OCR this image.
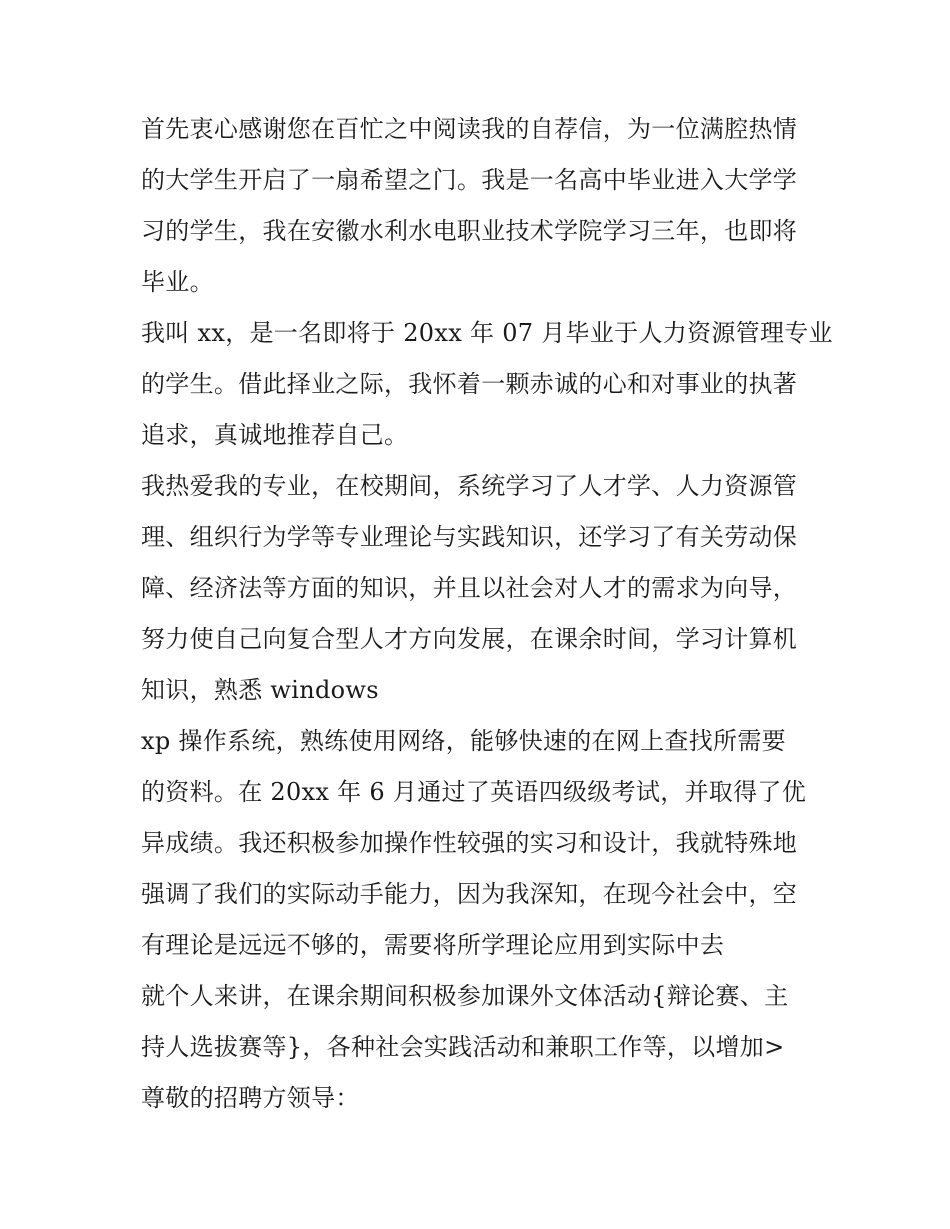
首先衷心感谢您在百忙之中阅读我的自荐信，为一位满腔热情
的大学生开启了一扇希望之门。我是一名高中毕业进入大学学
习的学生，我在安徽水利水电职业技术学院学习三年，也即将
毕业。
我叫 xx，是一名即将于 20xx 年 07 月毕业于人力资源管理专业
的学生。借此择业之际，我怀着一颗赤诚的心和对事业的执著
追求，真诚地推荐自己。
我热爱我的专业，在校期间，系统学习了人才学、人力资源管
理、组织行为学等专业理论与实践知识，还学习了有关劳动保
障、经济法等方面的知识，并且以社会对人才的需求为向导，
努力使自己向复合型人才方向发展，在课余时间，学习计算机
知识，熟悉 windows
xp 操作系统，熟练使用网络，能够快速的在网上查找所需要
的资料。在 20xx 年 6 月通过了英语四级级考试，并取得了优
异成绩。我还积极参加操作性较强的实习和设计，我就特殊地
强调了我们的实际动手能力，因为我深知，在现今社会中，空
有理论是远远不够的，需要将所学理论应用到实际中去
就个人来讲，在课余期间积极参加课外文体活动{辩论赛、主
持人选拔赛等}，各种社会实践活动和兼职工作等，以增加>
尊敬的招聘方领导：
